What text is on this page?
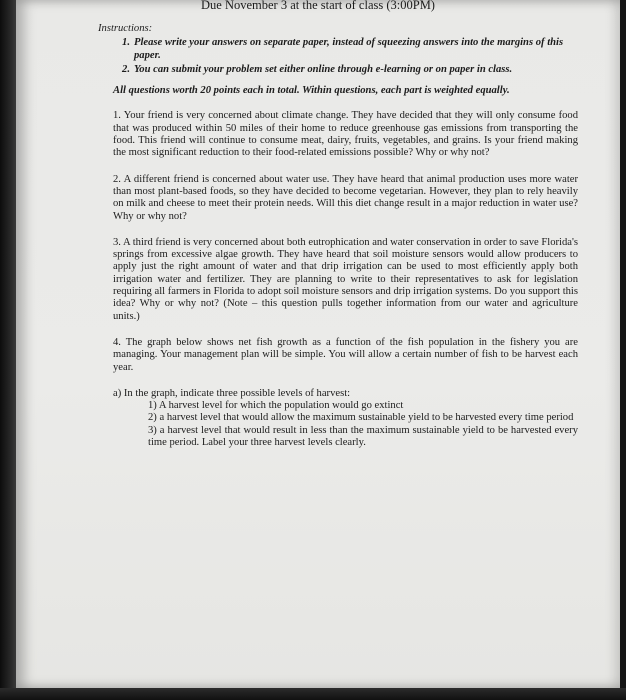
Due November 3 at the start of class (3:00PM)
Instructions:
1. Please write your answers on separate paper, instead of squeezing answers into the margins of this paper.
2. You can submit your problem set either online through e-learning or on paper in class.
All questions worth 20 points each in total. Within questions, each part is weighted equally.
1. Your friend is very concerned about climate change. They have decided that they will only consume food that was produced within 50 miles of their home to reduce greenhouse gas emissions from transporting the food. This friend will continue to consume meat, dairy, fruits, vegetables, and grains. Is your friend making the most significant reduction to their food-related emissions possible? Why or why not?
2. A different friend is concerned about water use. They have heard that animal production uses more water than most plant-based foods, so they have decided to become vegetarian. However, they plan to rely heavily on milk and cheese to meet their protein needs. Will this diet change result in a major reduction in water use? Why or why not?
3. A third friend is very concerned about both eutrophication and water conservation in order to save Florida's springs from excessive algae growth. They have heard that soil moisture sensors would allow producers to apply just the right amount of water and that drip irrigation can be used to most efficiently apply both irrigation water and fertilizer. They are planning to write to their representatives to ask for legislation requiring all farmers in Florida to adopt soil moisture sensors and drip irrigation systems. Do you support this idea? Why or why not? (Note – this question pulls together information from our water and agriculture units.)
4. The graph below shows net fish growth as a function of the fish population in the fishery you are managing. Your management plan will be simple. You will allow a certain number of fish to be harvest each year.
a) In the graph, indicate three possible levels of harvest:
1) A harvest level for which the population would go extinct
2) a harvest level that would allow the maximum sustainable yield to be harvested every time period
3) a harvest level that would result in less than the maximum sustainable yield to be harvested every time period. Label your three harvest levels clearly.
